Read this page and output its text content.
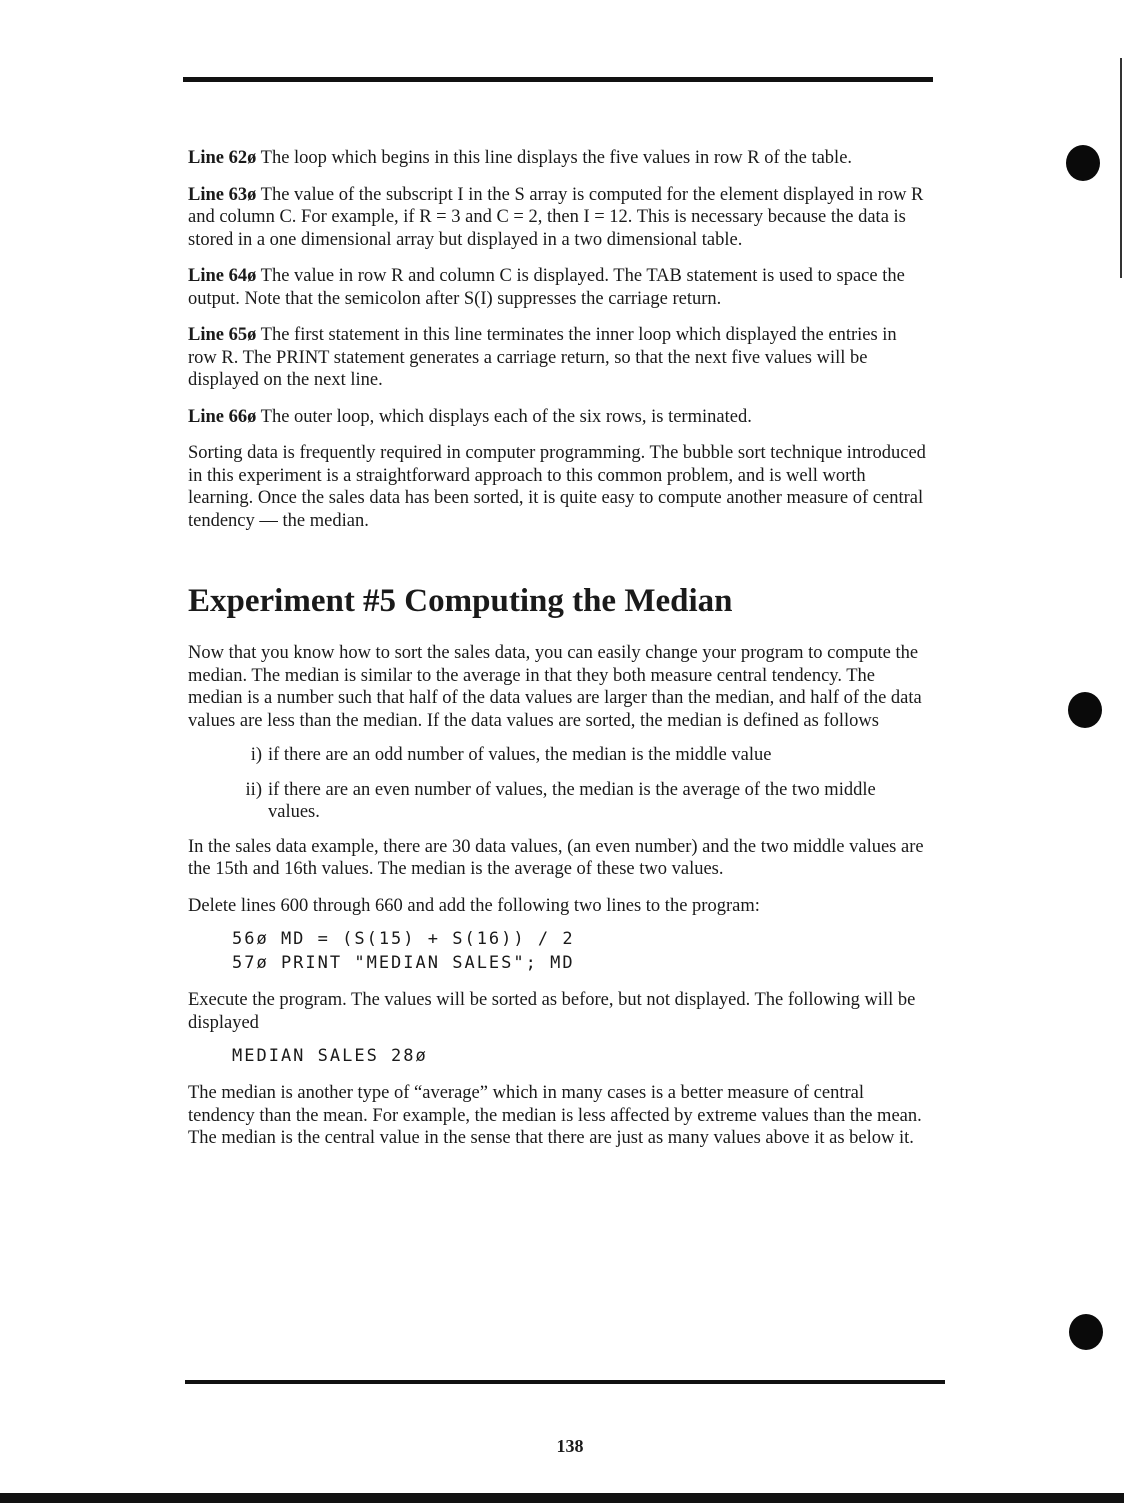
Line 62ø The loop which begins in this line displays the five values in row R of the table.

Line 63ø The value of the subscript I in the S array is computed for the element displayed in row R and column C. For example, if R = 3 and C = 2, then I = 12. This is necessary because the data is stored in a one dimensional array but displayed in a two dimensional table.

Line 64ø The value in row R and column C is displayed. The TAB statement is used to space the output. Note that the semicolon after S(I) suppresses the carriage return.

Line 65ø The first statement in this line terminates the inner loop which displayed the entries in row R. The PRINT statement generates a carriage return, so that the next five values will be displayed on the next line.

Line 66ø The outer loop, which displays each of the six rows, is terminated.

Sorting data is frequently required in computer programming. The bubble sort technique introduced in this experiment is a straightforward approach to this common problem, and is well worth learning. Once the sales data has been sorted, it is quite easy to compute another measure of central tendency — the median.

Experiment #5 Computing the Median

Now that you know how to sort the sales data, you can easily change your program to compute the median. The median is similar to the average in that they both measure central tendency. The median is a number such that half of the data values are larger than the median, and half of the data values are less than the median. If the data values are sorted, the median is defined as follows

i) if there are an odd number of values, the median is the middle value
ii) if there are an even number of values, the median is the average of the two middle values.

In the sales data example, there are 30 data values, (an even number) and the two middle values are the 15th and 16th values. The median is the average of these two values.

Delete lines 600 through 660 and add the following two lines to the program:

56ø MD = (S(15) + S(16)) / 2
57ø PRINT "MEDIAN SALES"; MD

Execute the program. The values will be sorted as before, but not displayed. The following will be displayed

MEDIAN SALES 28ø

The median is another type of “average” which in many cases is a better measure of central tendency than the mean. For example, the median is less affected by extreme values than the mean. The median is the central value in the sense that there are just as many values above it as below it.

138
